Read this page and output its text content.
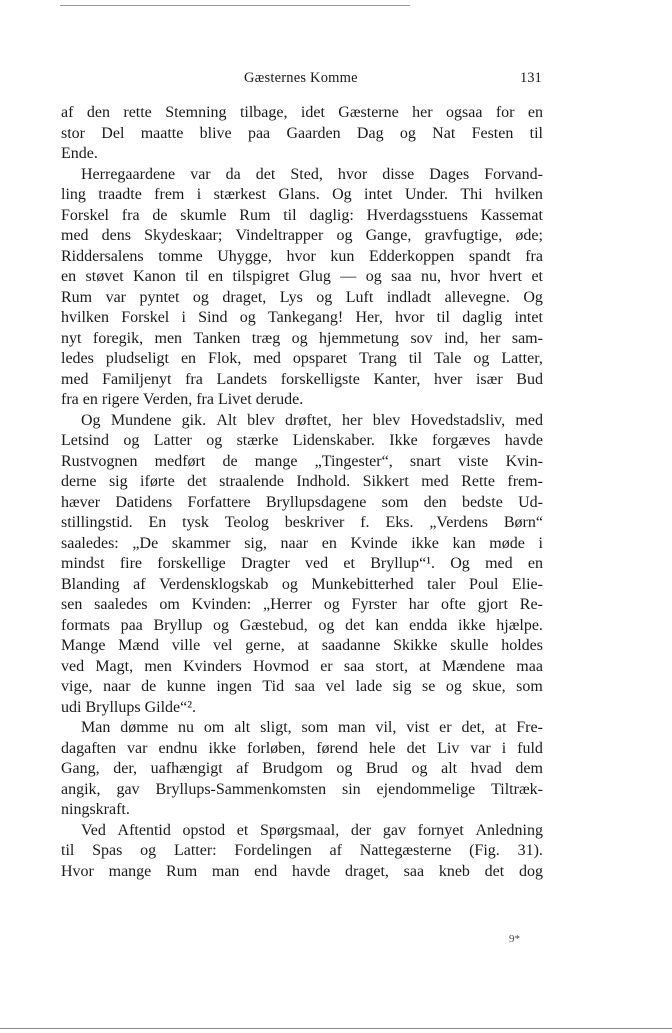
Gæsternes Komme	131
af den rette Stemning tilbage, idet Gæsterne her ogsaa for en
stor Del maatte blive paa Gaarden Dag og Nat Festen til
Ende.
Herregaardene var da det Sted, hvor disse Dages Forvand-
ling traadte frem i stærkest Glans. Og intet Under. Thi hvilken
Forskel fra de skumle Rum til daglig: Hverdagsstuens Kassemat
med dens Skydeskaar; Vindeltrapper og Gange, gravfugtige, øde;
Riddersalens tomme Uhygge, hvor kun Edderkoppen spandt fra
en støvet Kanon til en tilspigret Glug — og saa nu, hvor hvert et
Rum var pyntet og draget, Lys og Luft indladt allevegne. Og
hvilken Forskel i Sind og Tankegang! Her, hvor til daglig intet
nyt foregik, men Tanken træg og hjemmetung sov ind, her sam-
ledes pludseligt en Flok, med opsparet Trang til Tale og Latter,
med Familjenyt fra Landets forskelligste Kanter, hver især Bud
fra en rigere Verden, fra Livet derude.
Og Mundene gik. Alt blev drøftet, her blev Hovedstadsliv, med
Letsind og Latter og stærke Lidenskaber. Ikke forgæves havde
Rustvognen medført de mange „Tingester“, snart viste Kvin-
derne sig iførte det straalende Indhold. Sikkert med Rette frem-
hæver Datidens Forfattere Bryllupsdagene som den bedste Ud-
stillingstid. En tysk Teolog beskriver f. Eks. „Verdens Børn“
saaledes: „De skammer sig, naar en Kvinde ikke kan møde i
mindst fire forskellige Dragter ved et Bryllup“¹. Og med en
Blanding af Verdensklogskab og Munkebitterhed taler Poul Elie-
sen saaledes om Kvinden: „Herrer og Fyrster har ofte gjort Re-
formats paa Bryllup og Gæstebud, og det kan endda ikke hjælpe.
Mange Mænd ville vel gerne, at saadanne Skikke skulle holdes
ved Magt, men Kvinders Hovmod er saa stort, at Mændene maa
vige, naar de kunne ingen Tid saa vel lade sig se og skue, som
udi Bryllups Gilde“².
Man dømme nu om alt sligt, som man vil, vist er det, at Fre-
dagaften var endnu ikke forløben, førend hele det Liv var i fuld
Gang, der, uafhængigt af Brudgom og Brud og alt hvad dem
angik, gav Bryllups-Sammenkomsten sin ejendommelige Tiltræk-
ningskraft.
Ved Aftentid opstod et Spørgsmaal, der gav fornyet Anledning
til Spas og Latter: Fordelingen af Nattegæsterne (Fig. 31).
Hvor mange Rum man end havde draget, saa kneb det dog
9*
